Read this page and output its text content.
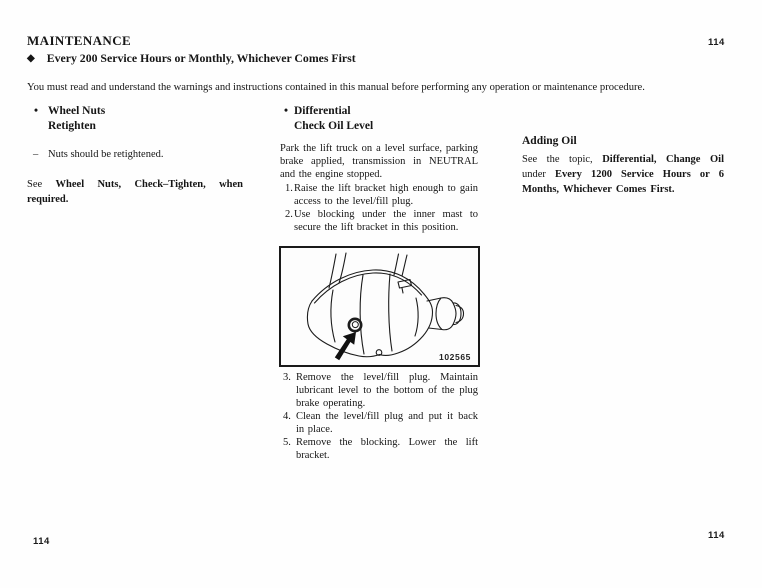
MAINTENANCE	114
◆ Every 200 Service Hours or Monthly, Whichever Comes First
You must read and understand the warnings and instructions contained in this manual before performing any operation or maintenance procedure.
• Wheel Nuts
Retighten
– Nuts should be retightened.
See Wheel Nuts, Check–Tighten, when required.
• Differential
Check Oil Level
Park the lift truck on a level surface, parking brake applied, transmission in NEUTRAL and the engine stopped.
1. Raise the lift bracket high enough to gain access to the level/fill plug.
2. Use blocking under the inner mast to secure the lift bracket in this position.
102565
3. Remove the level/fill plug. Maintain lubricant level to the bottom of the plug brake operating.
4. Clean the level/fill plug and put it back in place.
5. Remove the blocking. Lower the lift bracket.
Adding Oil
See the topic, Differential, Change Oil under Every 1200 Service Hours or 6 Months, Whichever Comes First.
114
114
